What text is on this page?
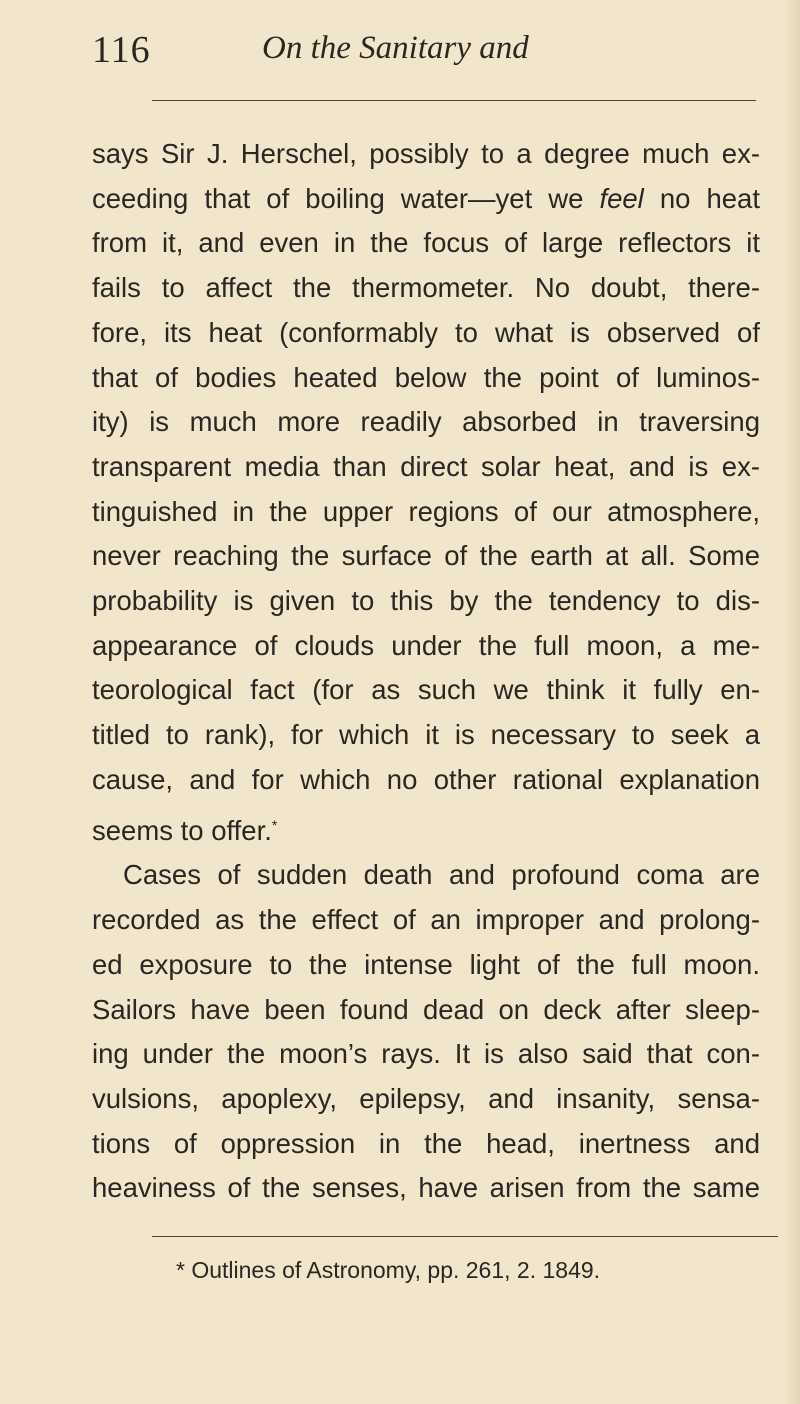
116	On the Sanitary and
says Sir J. Herschel, possibly to a degree much ex-
ceeding that of boiling water—yet we feel no heat
from it, and even in the focus of large reflectors it
fails to affect the thermometer. No doubt, there-
fore, its heat (conformably to what is observed of
that of bodies heated below the point of luminos-
ity) is much more readily absorbed in traversing
transparent media than direct solar heat, and is ex-
tinguished in the upper regions of our atmosphere,
never reaching the surface of the earth at all. Some
probability is given to this by the tendency to dis-
appearance of clouds under the full moon, a me-
teorological fact (for as such we think it fully en-
titled to rank), for which it is necessary to seek a
cause, and for which no other rational explanation
seems to offer.*
Cases of sudden death and profound coma are
recorded as the effect of an improper and prolong-
ed exposure to the intense light of the full moon.
Sailors have been found dead on deck after sleep-
ing under the moon’s rays. It is also said that con-
vulsions, apoplexy, epilepsy, and insanity, sensa-
tions of oppression in the head, inertness and
heaviness of the senses, have arisen from the same
* Outlines of Astronomy, pp. 261, 2. 1849.
